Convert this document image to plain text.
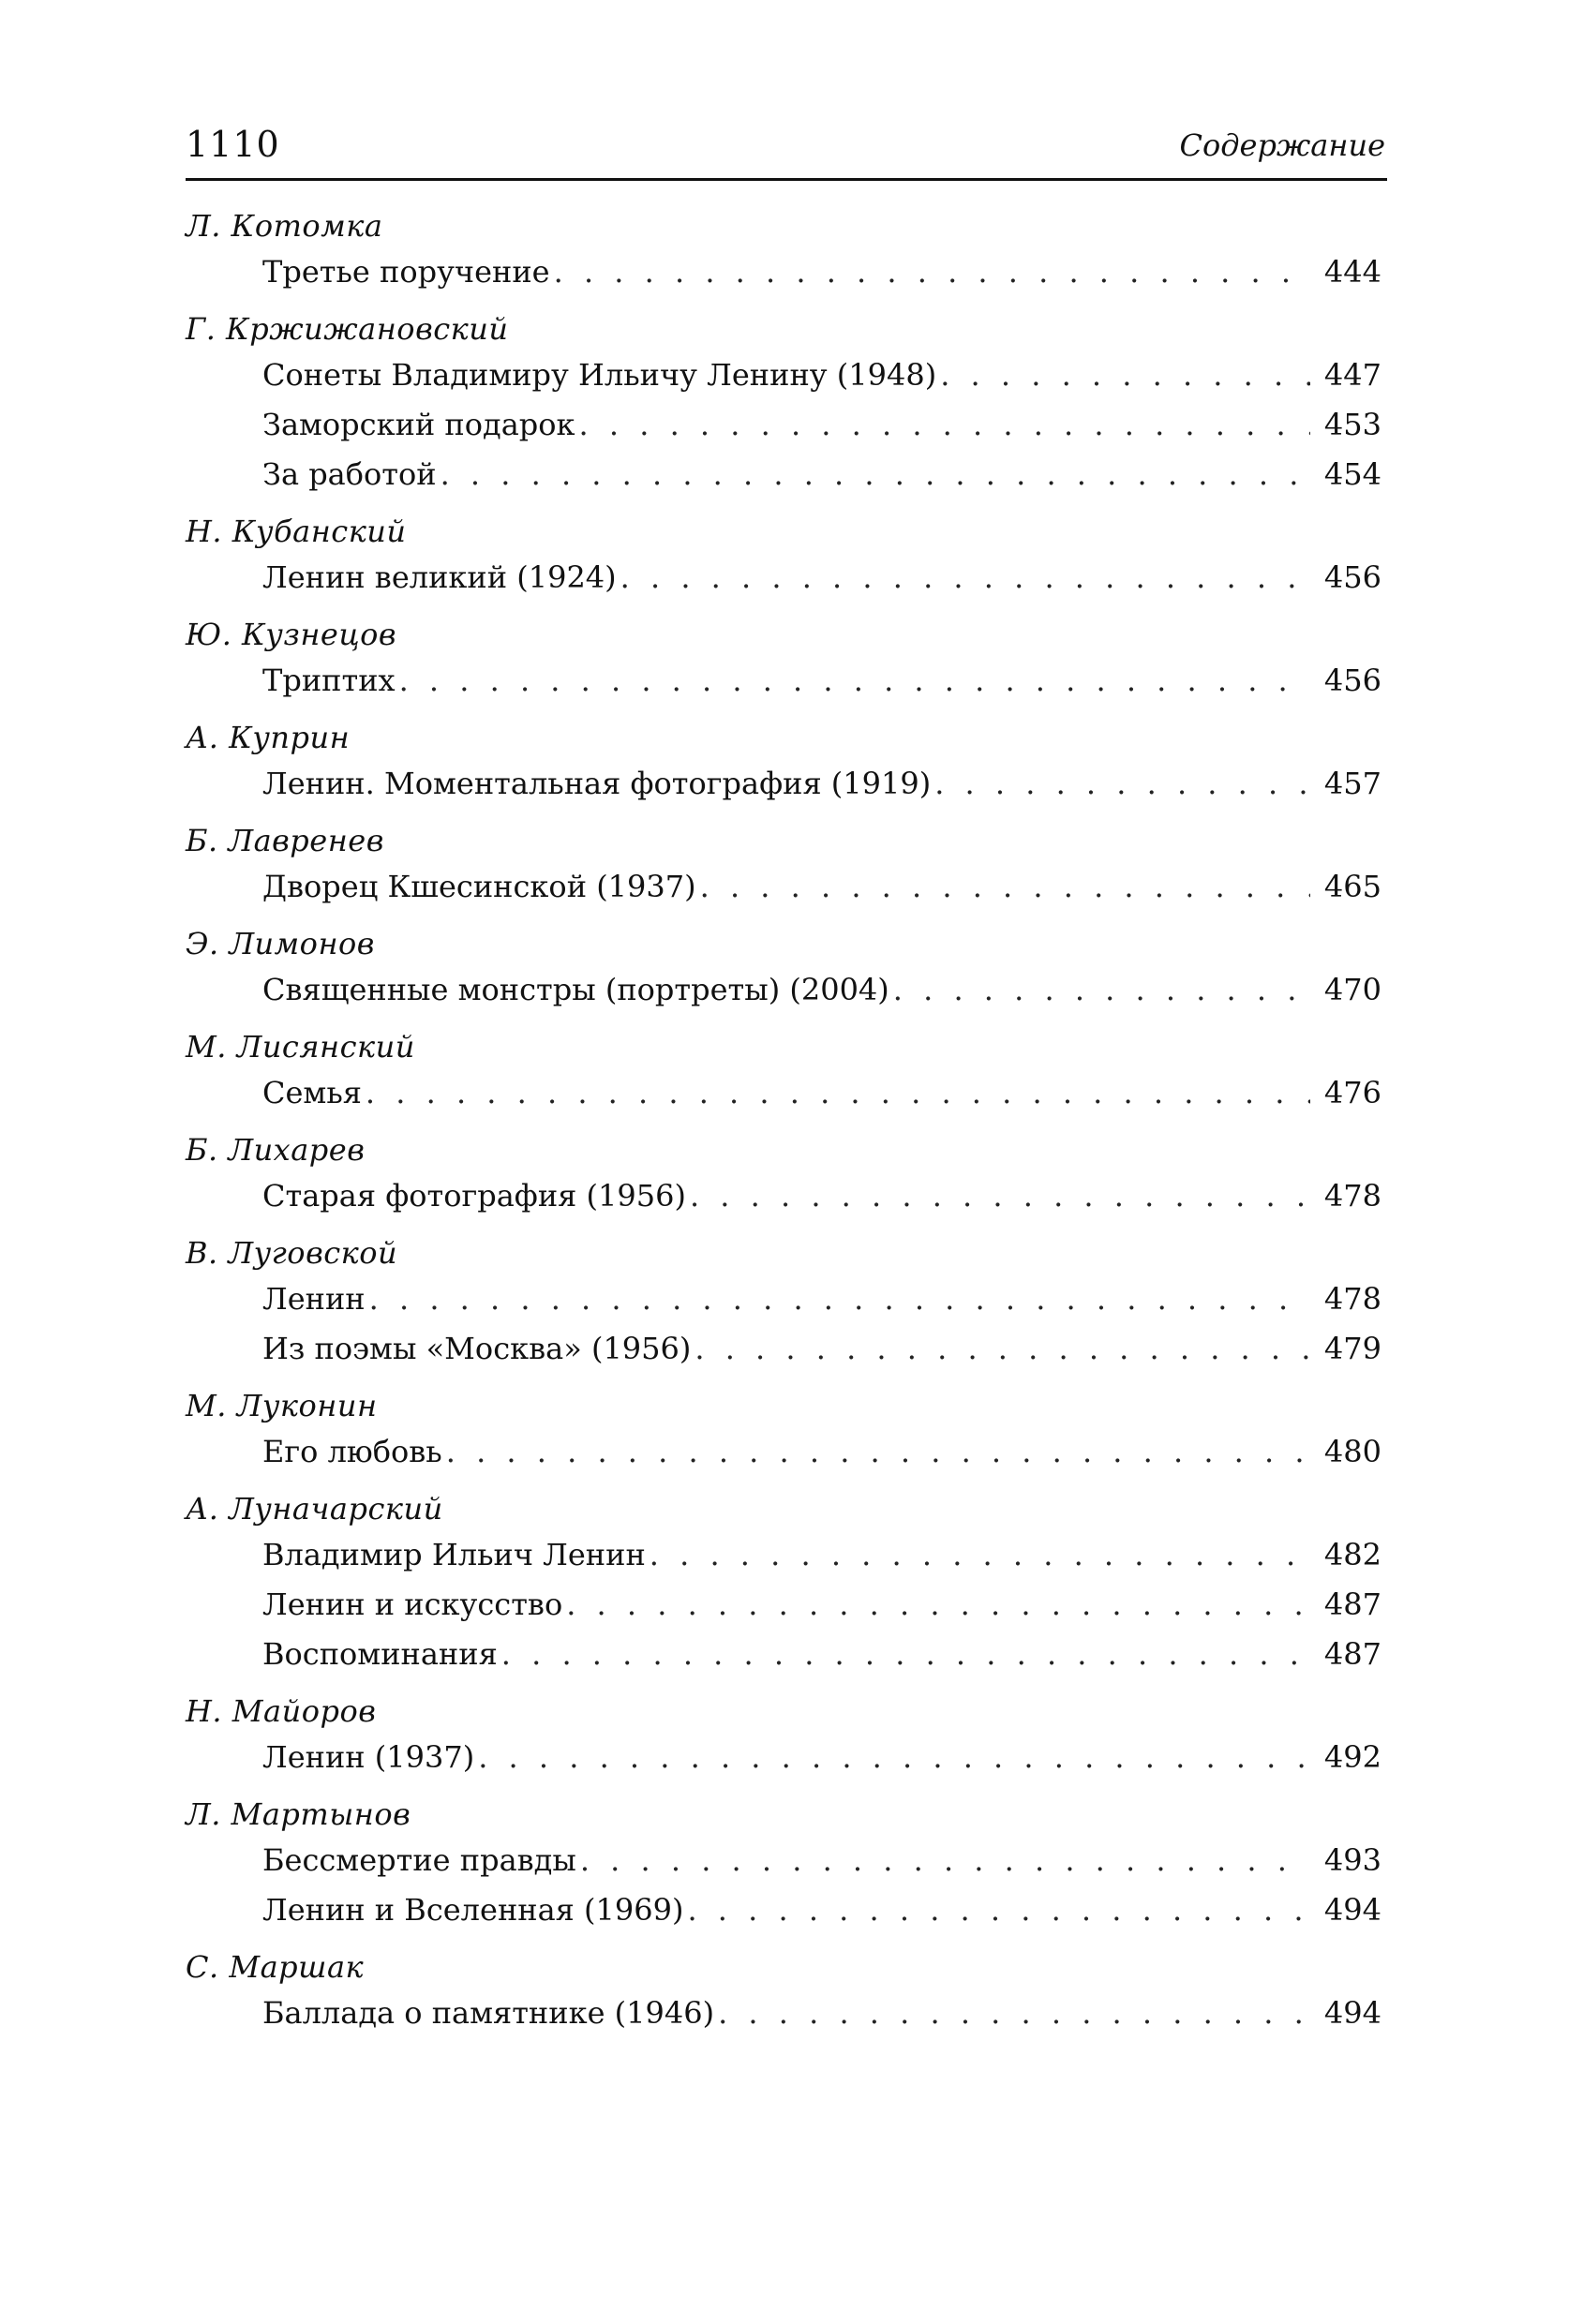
1110	Содержание
Л. Котомка
Третье поручение . . .	444
Г. Кржижановский
Сонеты Владимиру Ильичу Ленину (1948) . . .	447
Заморский подарок . . .	453
За работой . . .	454
Н. Кубанский
Ленин великий (1924) . . .	456
Ю. Кузнецов
Триптих . . .	456
А. Куприн
Ленин. Моментальная фотография (1919) . . .	457
Б. Лавренев
Дворец Кшесинской (1937) . . .	465
Э. Лимонов
Священные монстры (портреты) (2004) . . .	470
М. Лисянский
Семья . . .	476
Б. Лихарев
Старая фотография (1956) . . .	478
В. Луговской
Ленин . . .	478
Из поэмы «Москва» (1956) . . .	479
М. Луконин
Его любовь . . .	480
А. Луначарский
Владимир Ильич Ленин . . .	482
Ленин и искусство . . .	487
Воспоминания . . .	487
Н. Майоров
Ленин (1937) . . .	492
Л. Мартынов
Бессмертие правды . . .	493
Ленин и Вселенная (1969) . . .	494
С. Маршак
Баллада о памятнике (1946) . . .	494
